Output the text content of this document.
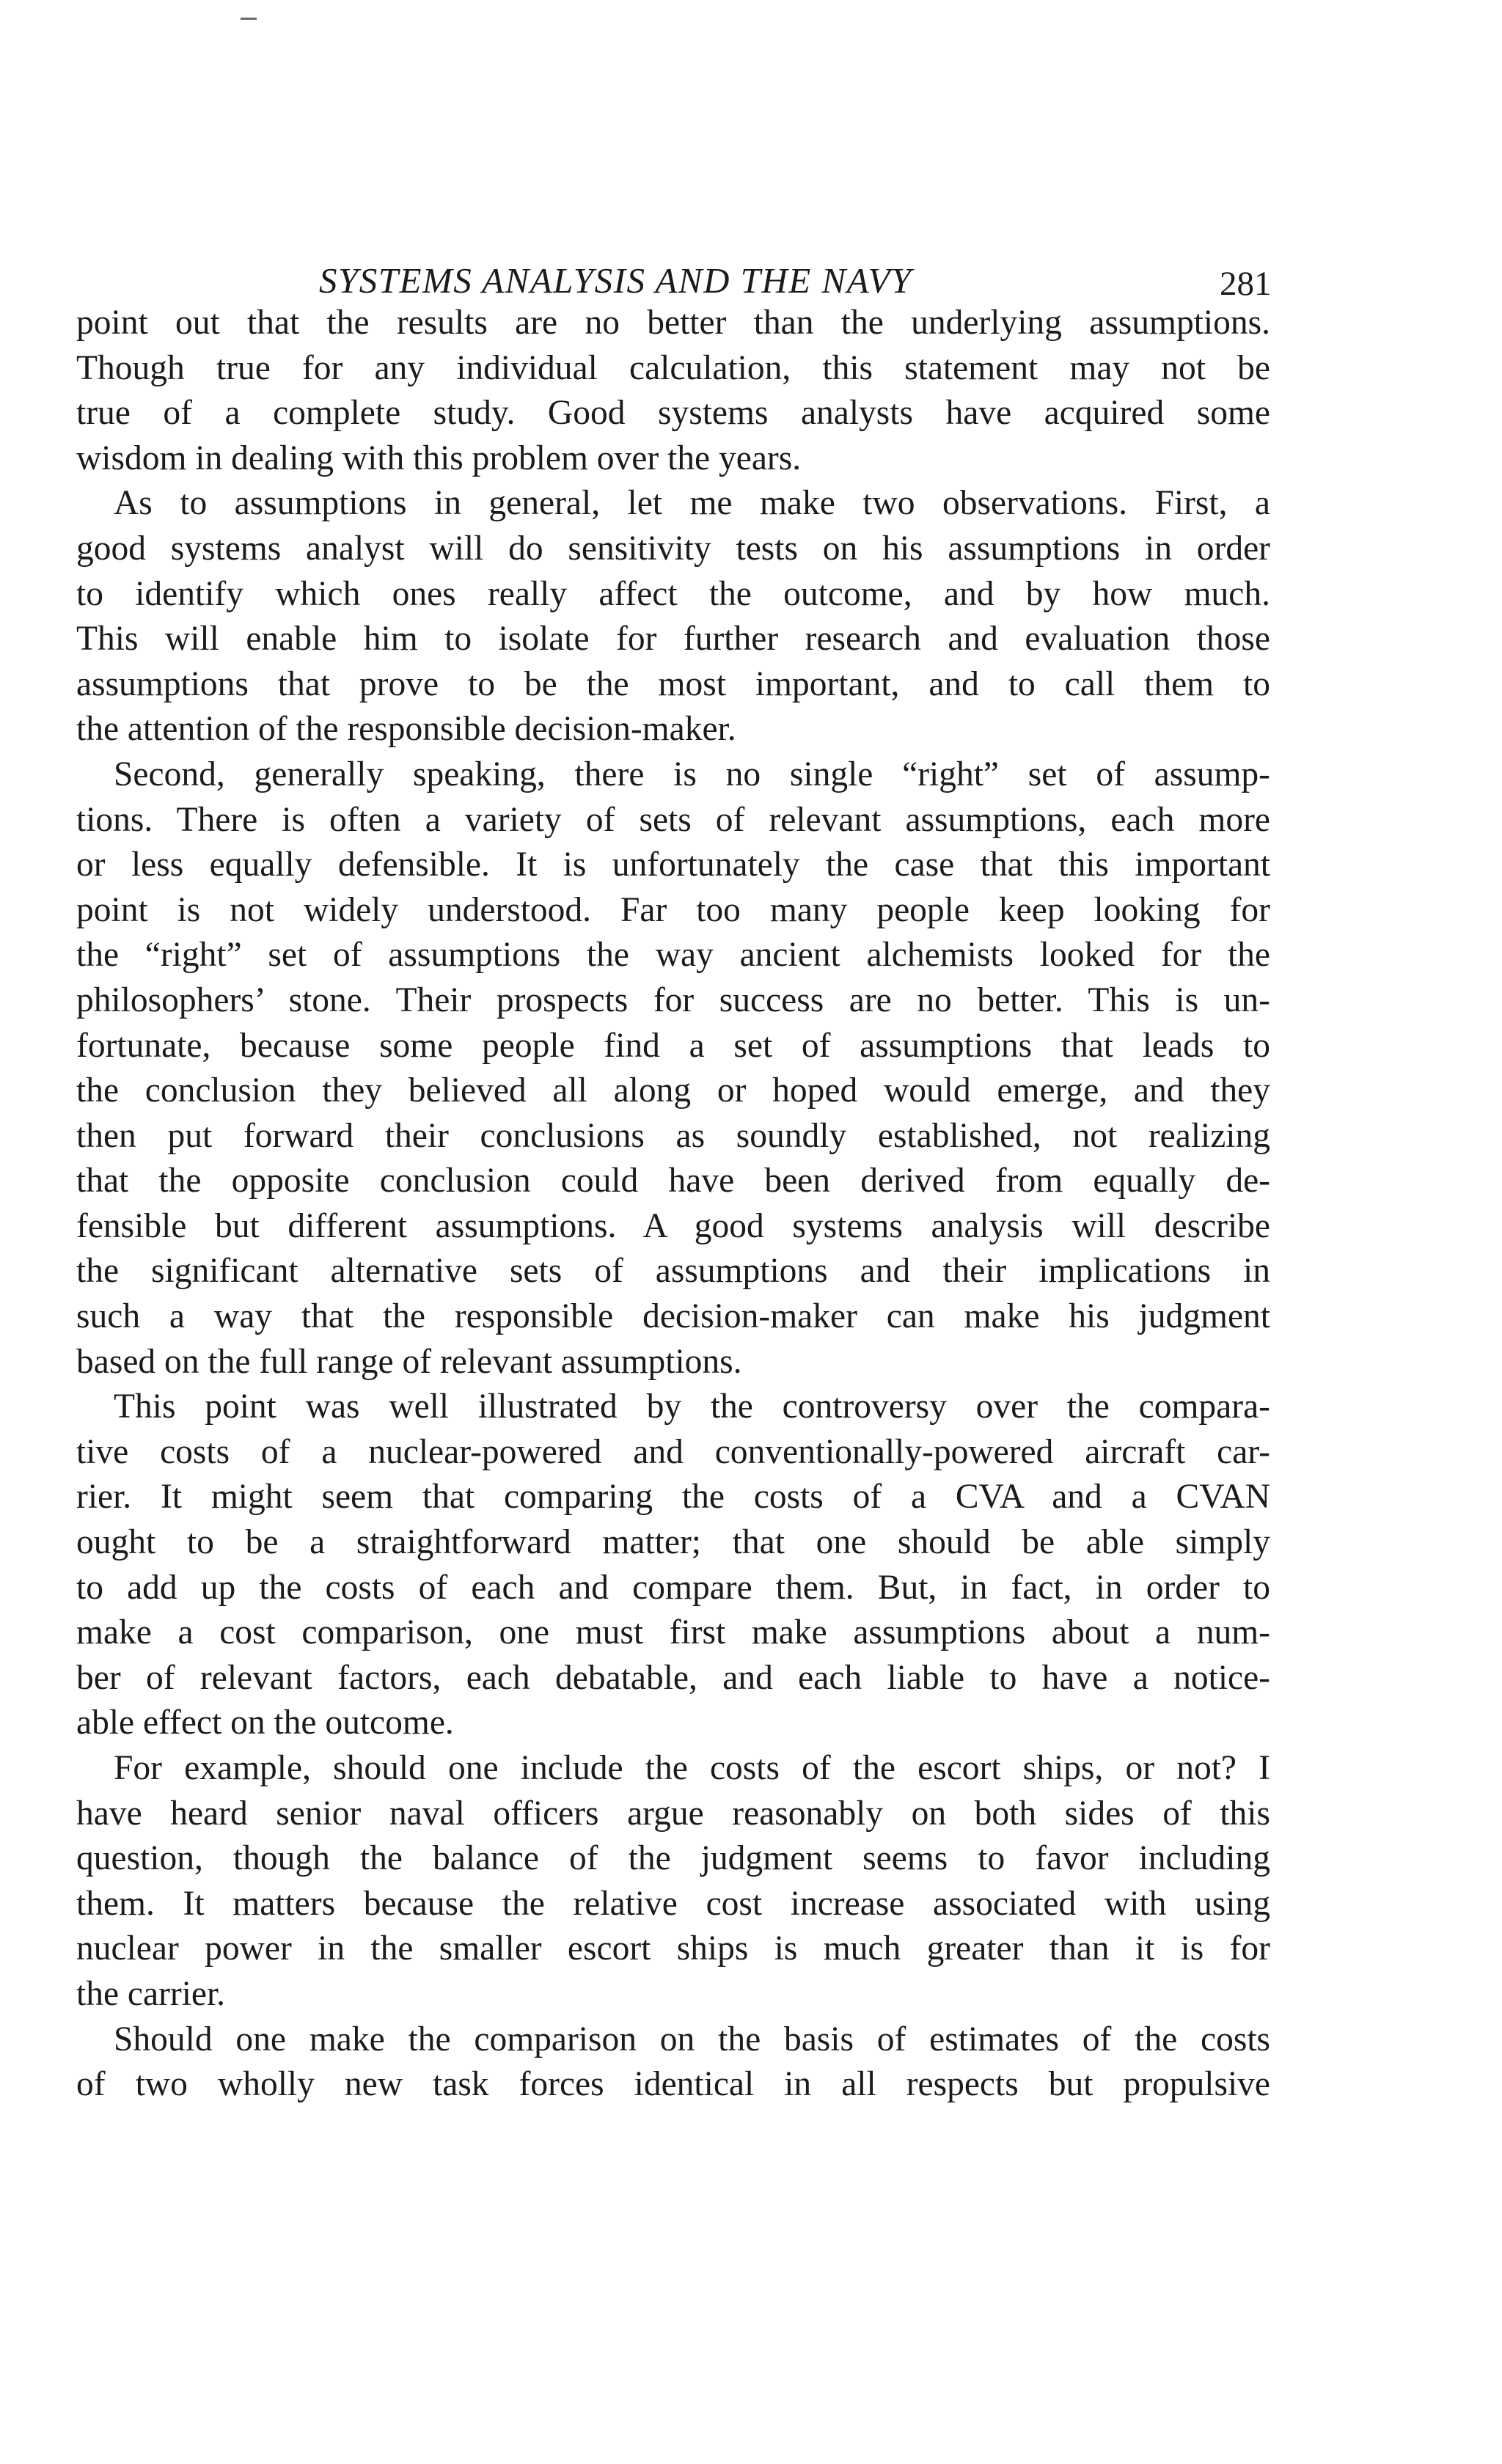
SYSTEMS ANALYSIS AND THE NAVY	281
point out that the results are no better than the underlying assumptions.
Though true for any individual calculation, this statement may not be
true of a complete study. Good systems analysts have acquired some
wisdom in dealing with this problem over the years.
As to assumptions in general, let me make two observations. First, a
good systems analyst will do sensitivity tests on his assumptions in order
to identify which ones really affect the outcome, and by how much.
This will enable him to isolate for further research and evaluation those
assumptions that prove to be the most important, and to call them to
the attention of the responsible decision-maker.
Second, generally speaking, there is no single “right” set of assump-
tions. There is often a variety of sets of relevant assumptions, each more
or less equally defensible. It is unfortunately the case that this important
point is not widely understood. Far too many people keep looking for
the “right” set of assumptions the way ancient alchemists looked for the
philosophers’ stone. Their prospects for success are no better. This is un-
fortunate, because some people find a set of assumptions that leads to
the conclusion they believed all along or hoped would emerge, and they
then put forward their conclusions as soundly established, not realizing
that the opposite conclusion could have been derived from equally de-
fensible but different assumptions. A good systems analysis will describe
the significant alternative sets of assumptions and their implications in
such a way that the responsible decision-maker can make his judgment
based on the full range of relevant assumptions.
This point was well illustrated by the controversy over the compara-
tive costs of a nuclear-powered and conventionally-powered aircraft car-
rier. It might seem that comparing the costs of a CVA and a CVAN
ought to be a straightforward matter; that one should be able simply
to add up the costs of each and compare them. But, in fact, in order to
make a cost comparison, one must first make assumptions about a num-
ber of relevant factors, each debatable, and each liable to have a notice-
able effect on the outcome.
For example, should one include the costs of the escort ships, or not? I
have heard senior naval officers argue reasonably on both sides of this
question, though the balance of the judgment seems to favor including
them. It matters because the relative cost increase associated with using
nuclear power in the smaller escort ships is much greater than it is for
the carrier.
Should one make the comparison on the basis of estimates of the costs
of two wholly new task forces identical in all respects but propulsive
